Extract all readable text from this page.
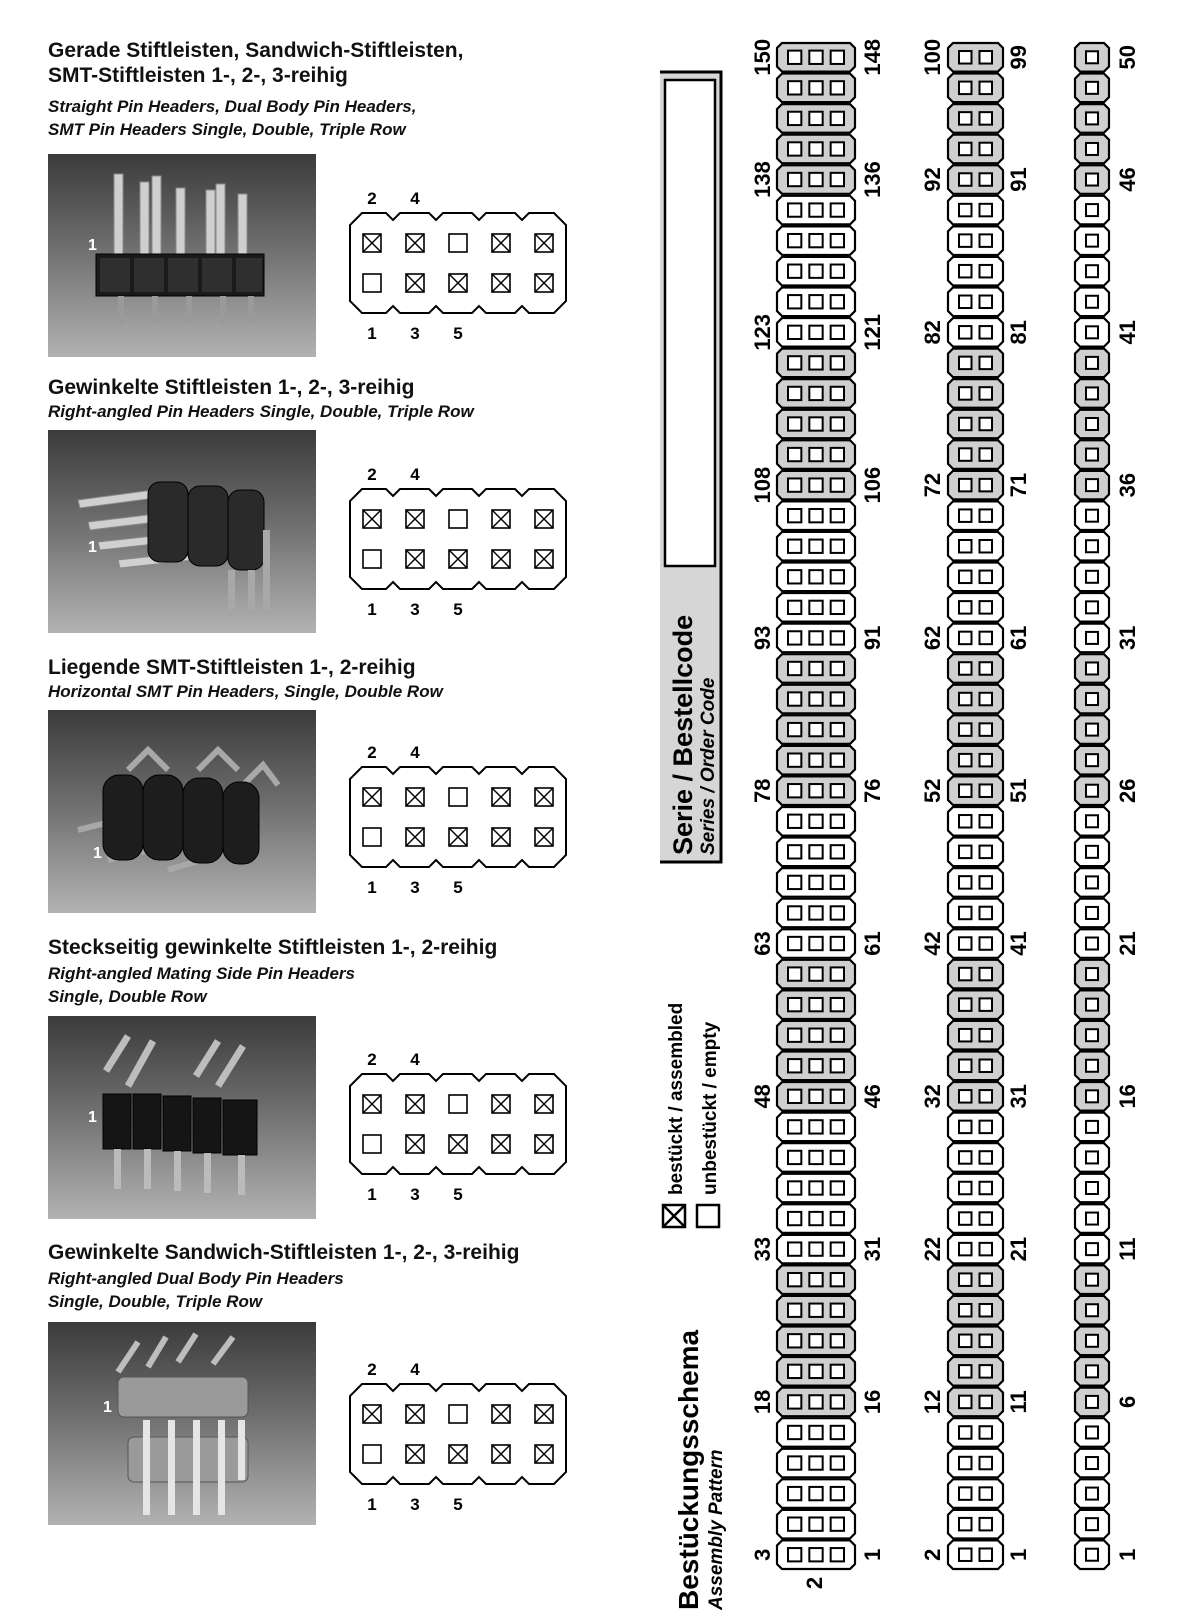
Gerade Stiftleisten, Sandwich-Stiftleisten,

SMT-Stiftleisten 1-, 2-, 3-reihig

Straight Pin Headers, Dual Body Pin Headers,

SMT Pin Headers Single, Double, Triple Row

1
2 4
1 3 5

Gewinkelte Stiftleisten 1-, 2-, 3-reihig

Right-angled Pin Headers Single, Double, Triple Row

1
2 4
1 3 5

Liegende SMT-Stiftleisten 1-, 2-reihig

Horizontal SMT Pin Headers, Single, Double Row

1
2 4
1 3 5

Steckseitig gewinkelte Stiftleisten 1-, 2-reihig

Right-angled Mating Side Pin Headers

Single, Double Row

1
2 4
1 3 5

Gewinkelte Sandwich-Stiftleisten 1-, 2-, 3-reihig

Right-angled Dual Body Pin Headers

Single, Double, Triple Row

1
2 4
1 3 5	Bestückungsschema Assembly Pattern
bestückt / assembled unbestückt / empty
Serie / Bestellcode Series / Order Code
3
18
33
48
63
78
93
108
123
138
150
1
16
31
46
61
76
91
106
121
136
148
2
2
12
22
32
42
52
62
72
82
92
100
1
11
21
31
41
51
61
71
81
91
99
1
6
11
16
21
26
31
36
41
46
50
